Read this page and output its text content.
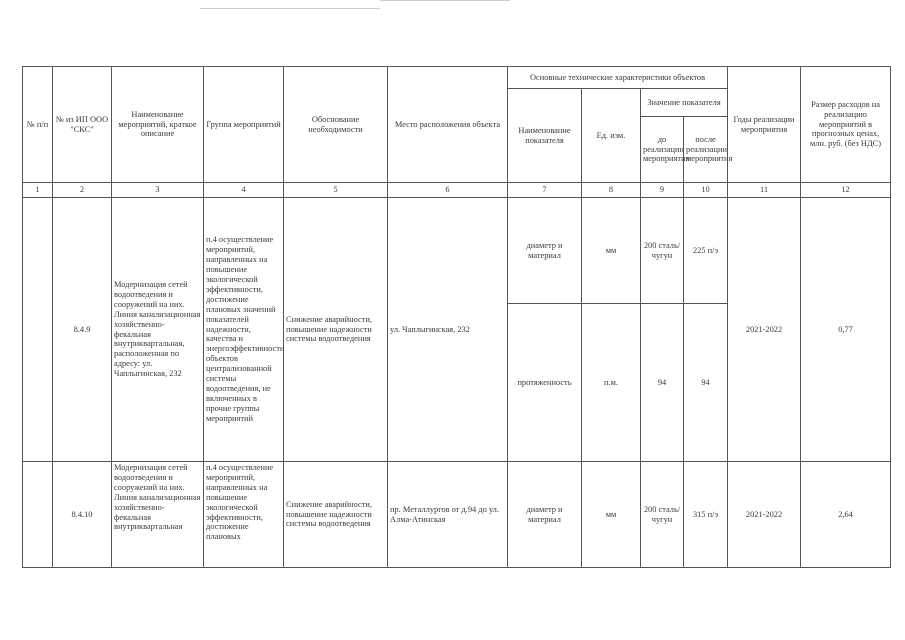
№ п/п	№ из ИП ООО "СКС"	Наименование мероприятий, краткое описание	Группа мероприятий	Обоснование необходимости	Место расположения объекта	Основные технические характеристики объектов				Годы реализации мероприятия	Размер расходов на реализацию мероприятий в прогнозных ценах, млн. руб. (без НДС)
						Наименование показателя	Ед. изм.	Значение показателя			
								до реализации мероприятия	после реализации мероприятия		
1	2	3	4	5	6	7	8	9	10	11	12
	8.4.9	Модернизация сетей водоотведения и сооружений на них. Линия канализационная хозяйственно-фекальная внутриквартальная, расположенная по адресу: ул. Чаплыгинская, 232	п.4 осуществление мероприятий, направленных на повышение экологической эффективности, достижение плановых значений показателей надежности, качества и энергоэффективности объектов централизованной системы водоотведения, не включенных в прочие группы мероприятий	Снижение аварийности, повышение надежности системы водоотведения	ул. Чаплыгинская, 232	диаметр и материал	мм	200 сталь/чугун	225 п/э	2021-2022	0,77
						протяженность	п.м.	94	94		
	8.4.10	Модернизация сетей водоотведения и сооружений на них. Линия канализационная хозяйственно-фекальная внутриквартальная	п.4 осуществление мероприятий, направленных на повышение экологической эффективности, достижение плановых	Снижение аварийности, повышение надежности системы водоотведения	пр. Металлургов от д.94 до ул. Алма-Атинская	диаметр и материал	мм	200 сталь/чугун	315 п/э	2021-2022	2,64
